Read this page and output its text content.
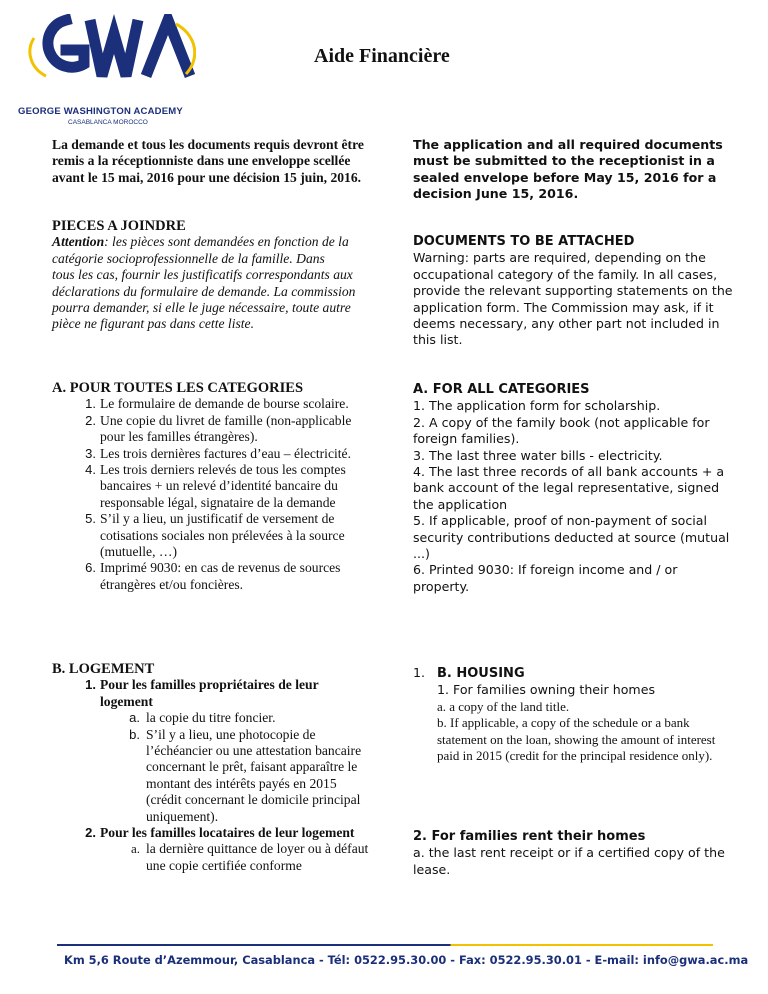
GEORGE WASHINGTON ACADEMY
CASABLANCA MOROCCO
Aide Financière
La demande et tous les documents requis devront être remis a la réceptionniste dans une enveloppe scellée avant le 15 mai, 2016 pour une décision 15 juin, 2016.
PIECES A JOINDRE
Attention: les pièces sont demandées en fonction de la catégorie socioprofessionnelle de la famille. Dans
tous les cas, fournir les justificatifs correspondants aux déclarations du formulaire de demande. La commission pourra demander, si elle le juge nécessaire, toute autre pièce ne figurant pas dans cette liste.
A. POUR TOUTES LES CATEGORIES
1. Le formulaire de demande de bourse scolaire.
2. Une copie du livret de famille (non-applicable pour les familles étrangères).
3. Les trois dernières factures d’eau – électricité.
4. Les trois derniers relevés de tous les comptes bancaires + un relevé d’identité bancaire du responsable légal, signataire de la demande
5. S’il y a lieu, un justificatif de versement de cotisations sociales non prélevées à la source (mutuelle, …)
6. Imprimé 9030: en cas de revenus de sources étrangères et/ou foncières.
B. LOGEMENT
1. Pour les familles propriétaires de leur logement
a. la copie du titre foncier.
b. S’il y a lieu, une photocopie de l’échéancier ou une attestation bancaire concernant le prêt, faisant apparaître le montant des intérêts payés en 2015 (crédit concernant le domicile principal uniquement).
2. Pour les familles locataires de leur logement
a. la dernière quittance de loyer ou à défaut une copie certifiée conforme
The application and all required documents must be submitted to the receptionist in a sealed envelope before May 15, 2016 for a decision June 15, 2016.
DOCUMENTS TO BE ATTACHED
Warning: parts are required, depending on the occupational category of the family. In all cases, provide the relevant supporting statements on the application form. The Commission may ask, if it deems necessary, any other part not included in this list.
A. FOR ALL CATEGORIES
1. The application form for scholarship.
2. A copy of the family book (not applicable for foreign families).
3. The last three water bills - electricity.
4. The last three records of all bank accounts + a bank account of the legal representative, signed the application
5. If applicable, proof of non-payment of social security contributions deducted at source (mutual ...)
6. Printed 9030: If foreign income and / or property.
1. B. HOUSING
1. For families owning their homes
a. a copy of the land title.
b. If applicable, a copy of the schedule or a bank statement on the loan, showing the amount of interest paid in 2015 (credit for the principal residence only).
2. For families rent their homes
a. the last rent receipt or if a certified copy of the lease.
Km 5,6 Route d’Azemmour, Casablanca - Tél: 0522.95.30.00 - Fax: 0522.95.30.01 - E-mail: info@gwa.ac.ma
